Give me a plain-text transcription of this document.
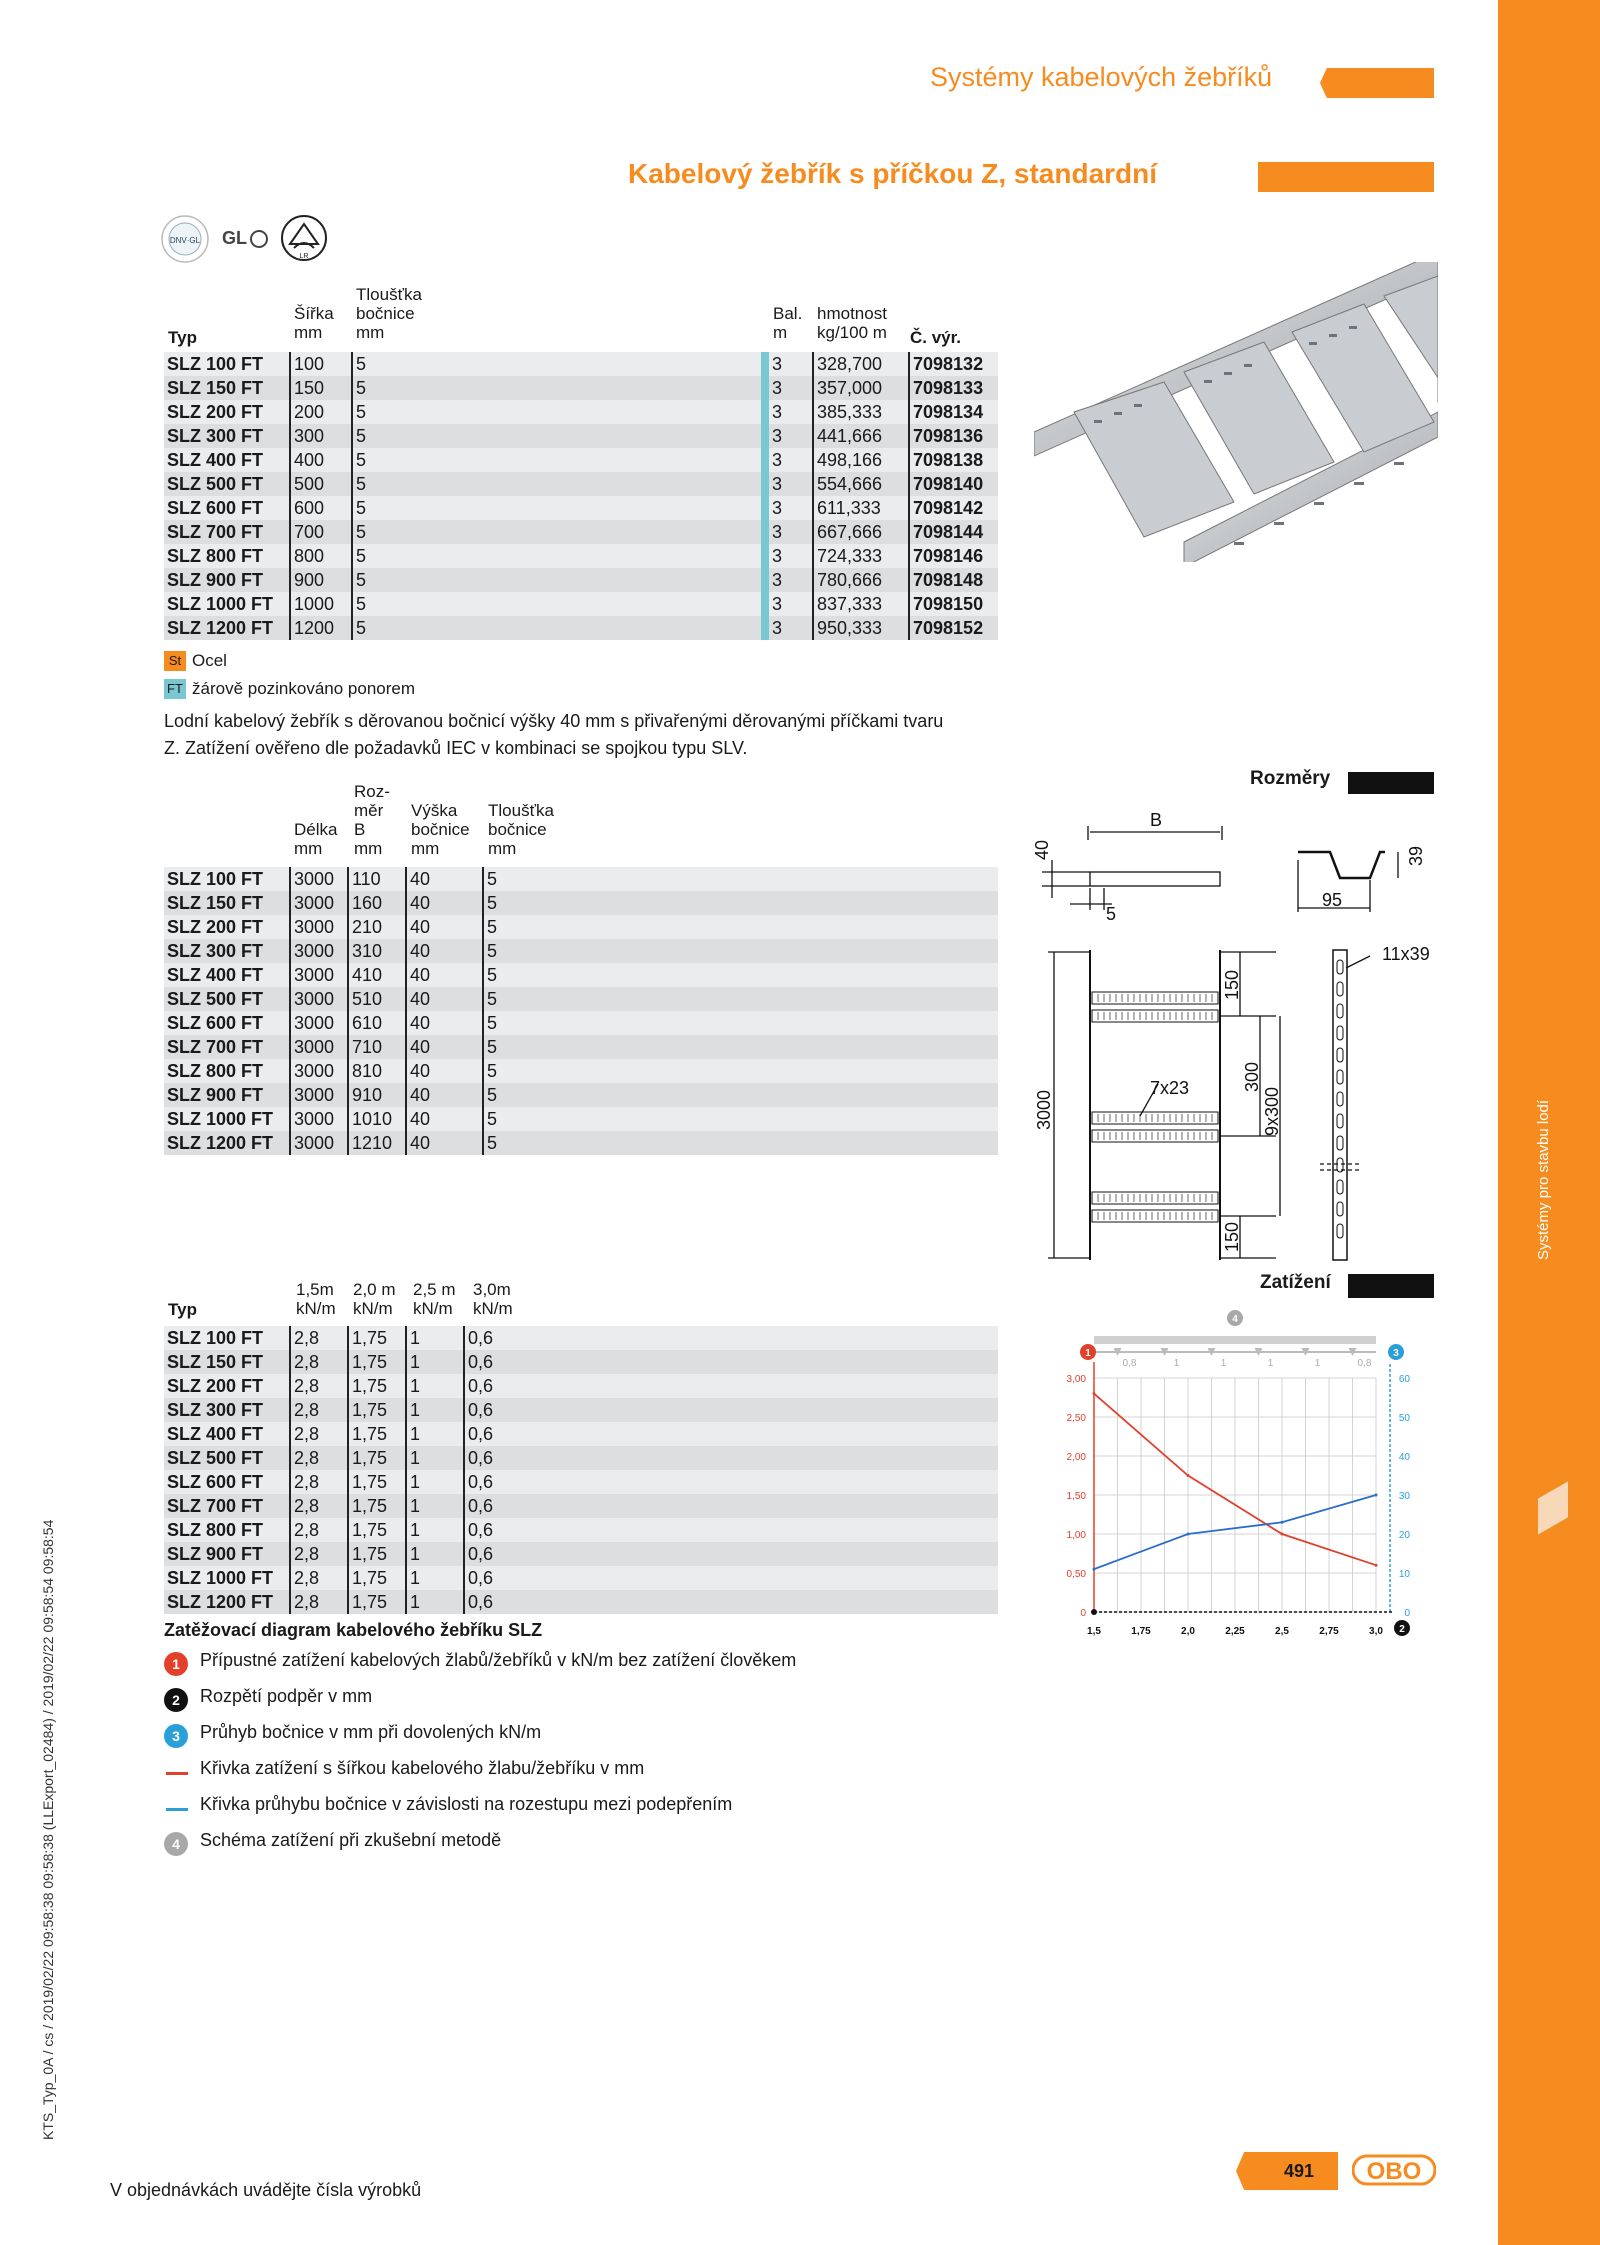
Systémy pro stavbu lodí
KTS_Typ_0A / cs / 2019/02/22 09:58:38 09:58:38 (LLExport_02484) / 2019/02/22 09:58:54 09:58:54
Systémy kabelových žebříků
Kabelový žebřík s příčkou Z, standardní
DNV·GL GL
LR
Typ
Šířka
mm
Tloušťka
bočnice
mm
Bal.
m
hmotnost
kg/100 m Č. výr.
SLZ 100 FT	100	5		3	328,700	7098132
SLZ 150 FT	150	5		3	357,000	7098133
SLZ 200 FT	200	5		3	385,333	7098134
SLZ 300 FT	300	5		3	441,666	7098136
SLZ 400 FT	400	5		3	498,166	7098138
SLZ 500 FT	500	5		3	554,666	7098140
SLZ 600 FT	600	5		3	611,333	7098142
SLZ 700 FT	700	5		3	667,666	7098144
SLZ 800 FT	800	5		3	724,333	7098146
SLZ 900 FT	900	5		3	780,666	7098148
SLZ 1000 FT	1000	5		3	837,333	7098150
SLZ 1200 FT	1200	5		3	950,333	7098152
St Ocel
FT žárově pozinkováno ponorem
Lodní kabelový žebřík s děrovanou bočnicí výšky 40 mm s přivařenými děrovanými příčkami tvaru
Z. Zatížení ověřeno dle požadavků IEC v kombinaci se spojkou typu SLV.
Rozměry
B
40
5
39
95
3000
7x23
150
300
9x300
150
11x39
Délka
mm
Roz-
měr
B
mm
Výška
bočnice
mm
Tloušťka
bočnice
mm
SLZ 100 FT	3000	110	40	5
SLZ 150 FT	3000	160	40	5
SLZ 200 FT	3000	210	40	5
SLZ 300 FT	3000	310	40	5
SLZ 400 FT	3000	410	40	5
SLZ 500 FT	3000	510	40	5
SLZ 600 FT	3000	610	40	5
SLZ 700 FT	3000	710	40	5
SLZ 800 FT	3000	810	40	5
SLZ 900 FT	3000	910	40	5
SLZ 1000 FT	3000	1010	40	5
SLZ 1200 FT	3000	1210	40	5
Zatížení
Typ
1,5m
kN/m
2,0 m
kN/m
2,5 m
kN/m
3,0m
kN/m
SLZ 100 FT	2,8	1,75	1	0,6
SLZ 150 FT	2,8	1,75	1	0,6
SLZ 200 FT	2,8	1,75	1	0,6
SLZ 300 FT	2,8	1,75	1	0,6
SLZ 400 FT	2,8	1,75	1	0,6
SLZ 500 FT	2,8	1,75	1	0,6
SLZ 600 FT	2,8	1,75	1	0,6
SLZ 700 FT	2,8	1,75	1	0,6
SLZ 800 FT	2,8	1,75	1	0,6
SLZ 900 FT	2,8	1,75	1	0,6
SLZ 1000 FT	2,8	1,75	1	0,6
SLZ 1200 FT	2,8	1,75	1	0,6
Zatěžovací diagram kabelového žebříku SLZ
1	Přípustné zatížení kabelových žlabů/žebříků v kN/m bez zatížení člověkem
2	Rozpětí podpěr v mm
3	Průhyb bočnice v mm při dovolených kN/m
Křivka zatížení s šířkou kabelového žlabu/žebříku v mm
Křivka průhybu bočnice v závislosti na rozestupu mezi podepřením
4	Schéma zatížení při zkušební metodě
0,8	1	1	1	1	0,8
4
0	0
0,50	10
1,00	20
1,50	30
2,00	40
2,50	50
3,00	60
1	3
2
1,5	1,75	2,0	2,25	2,5	2,75	3,0
V objednávkách uvádějte čísla výrobků
491 OBO
